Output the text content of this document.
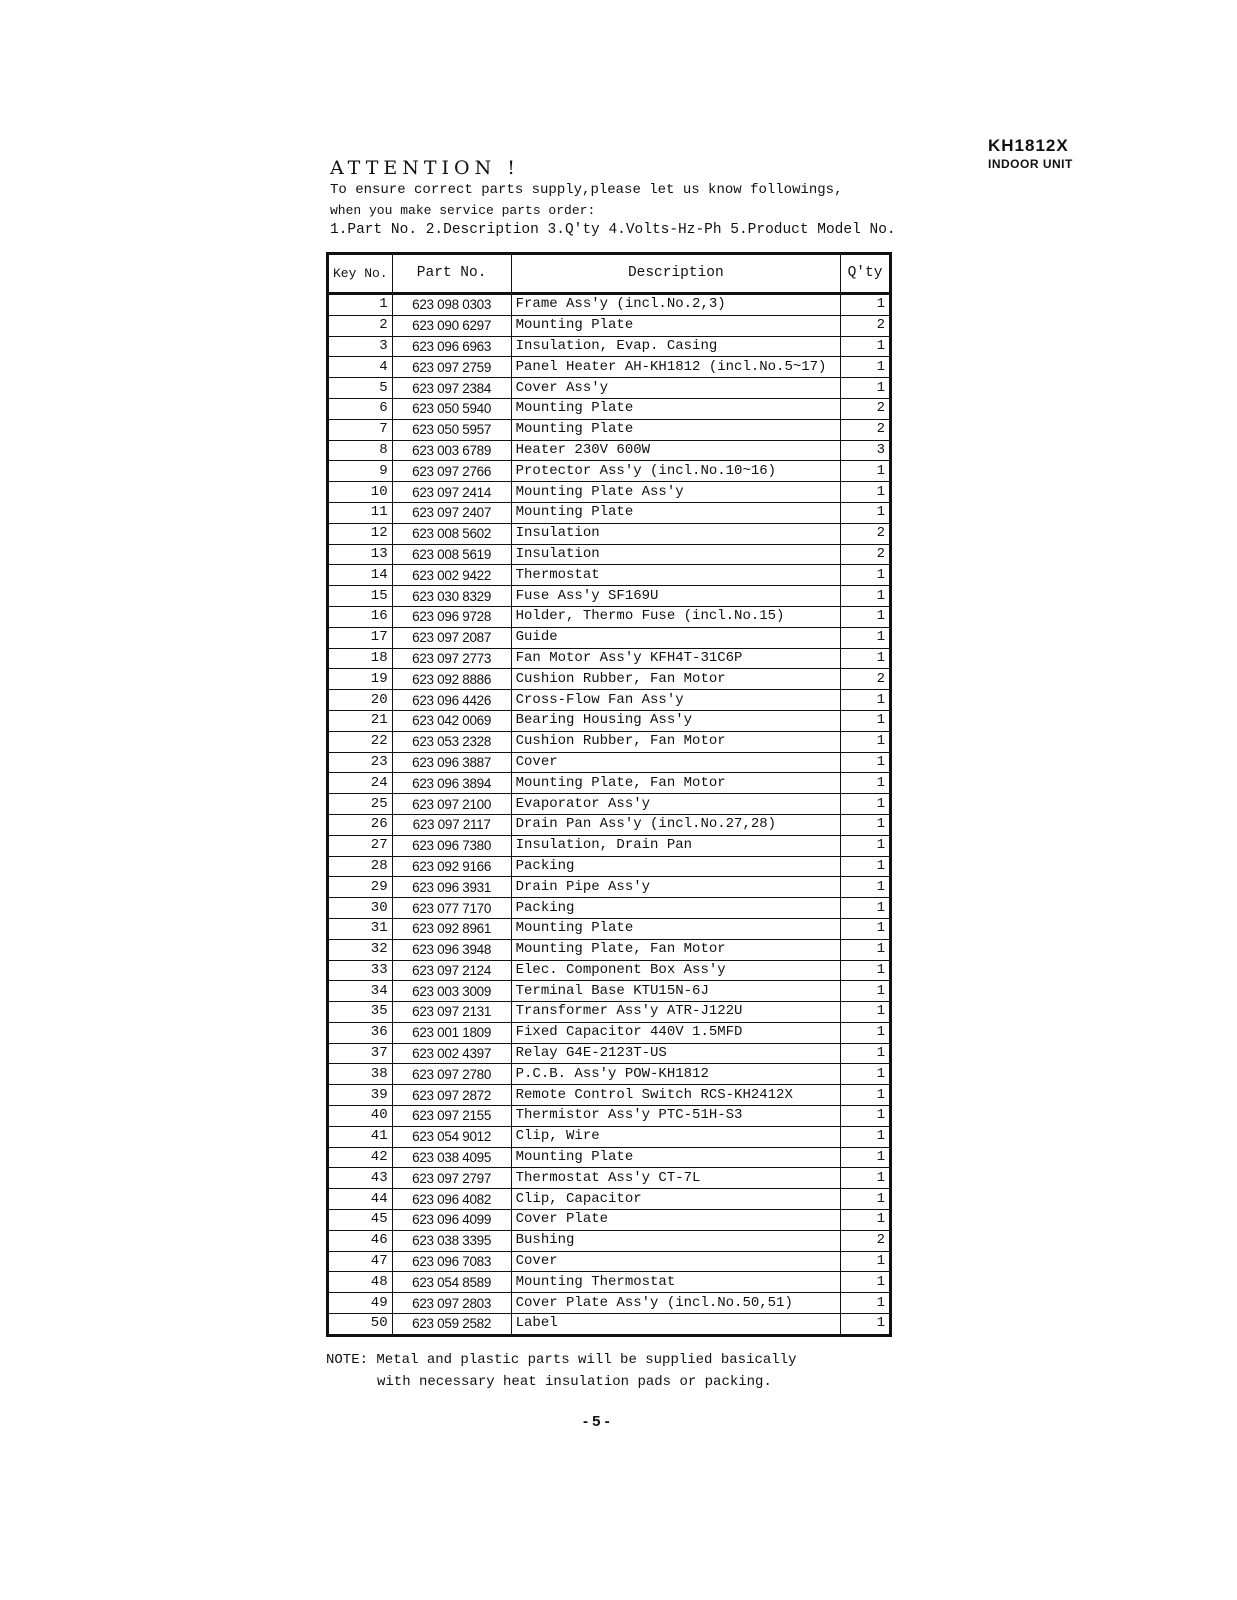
KH1812X
INDOOR UNIT
ATTENTION !
To ensure correct parts supply,please let us know followings,
when you make service parts order:
1.Part No. 2.Description 3.Q'ty 4.Volts-Hz-Ph 5.Product Model No.
Key No.	Part No.	Description	Q'ty
1	623 098 0303	Frame Ass'y (incl.No.2,3)	1
2	623 090 6297	Mounting Plate	2
3	623 096 6963	Insulation, Evap. Casing	1
4	623 097 2759	Panel Heater AH-KH1812 (incl.No.5~17)	1
5	623 097 2384	Cover Ass'y	1
6	623 050 5940	Mounting Plate	2
7	623 050 5957	Mounting Plate	2
8	623 003 6789	Heater 230V 600W	3
9	623 097 2766	Protector Ass'y (incl.No.10~16)	1
10	623 097 2414	Mounting Plate Ass'y	1
11	623 097 2407	Mounting Plate	1
12	623 008 5602	Insulation	2
13	623 008 5619	Insulation	2
14	623 002 9422	Thermostat	1
15	623 030 8329	Fuse Ass'y SF169U	1
16	623 096 9728	Holder, Thermo Fuse (incl.No.15)	1
17	623 097 2087	Guide	1
18	623 097 2773	Fan Motor Ass'y KFH4T-31C6P	1
19	623 092 8886	Cushion Rubber, Fan Motor	2
20	623 096 4426	Cross-Flow Fan Ass'y	1
21	623 042 0069	Bearing Housing Ass'y	1
22	623 053 2328	Cushion Rubber, Fan Motor	1
23	623 096 3887	Cover	1
24	623 096 3894	Mounting Plate, Fan Motor	1
25	623 097 2100	Evaporator Ass'y	1
26	623 097 2117	Drain Pan Ass'y (incl.No.27,28)	1
27	623 096 7380	Insulation, Drain Pan	1
28	623 092 9166	Packing	1
29	623 096 3931	Drain Pipe Ass'y	1
30	623 077 7170	Packing	1
31	623 092 8961	Mounting Plate	1
32	623 096 3948	Mounting Plate, Fan Motor	1
33	623 097 2124	Elec. Component Box Ass'y	1
34	623 003 3009	Terminal Base KTU15N-6J	1
35	623 097 2131	Transformer Ass'y ATR-J122U	1
36	623 001 1809	Fixed Capacitor 440V 1.5MFD	1
37	623 002 4397	Relay G4E-2123T-US	1
38	623 097 2780	P.C.B. Ass'y POW-KH1812	1
39	623 097 2872	Remote Control Switch RCS-KH2412X	1
40	623 097 2155	Thermistor Ass'y PTC-51H-S3	1
41	623 054 9012	Clip, Wire	1
42	623 038 4095	Mounting Plate	1
43	623 097 2797	Thermostat Ass'y CT-7L	1
44	623 096 4082	Clip, Capacitor	1
45	623 096 4099	Cover Plate	1
46	623 038 3395	Bushing	2
47	623 096 7083	Cover	1
48	623 054 8589	Mounting Thermostat	1
49	623 097 2803	Cover Plate Ass'y (incl.No.50,51)	1
50	623 059 2582	Label	1
NOTE: Metal and plastic parts will be supplied basically
with necessary heat insulation pads or packing.
- 5 -
